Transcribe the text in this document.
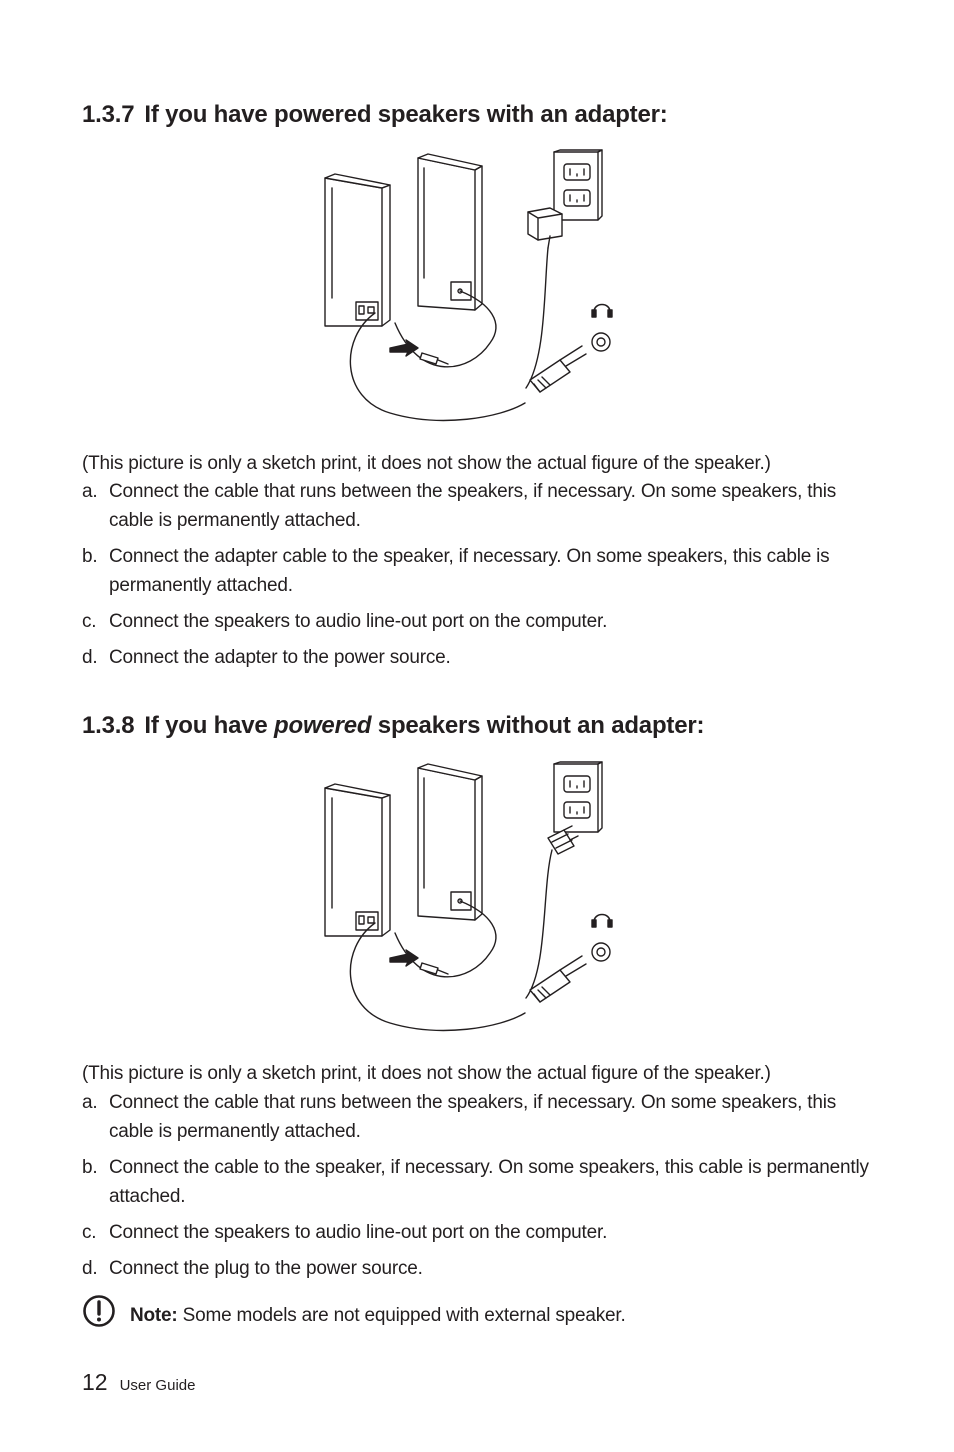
1.3.7 If you have powered speakers with an adapter:

(This picture is only a sketch print, it does not show the actual figure of the speaker.)

a. Connect the cable that runs between the speakers, if necessary. On some speakers, this cable is permanently attached.
b. Connect the adapter cable to the speaker, if necessary. On some speakers, this cable is permanently attached.
c. Connect the speakers to audio line-out port on the computer.
d. Connect the adapter to the power source.
1.3.8 If you have powered speakers without an adapter:

(This picture is only a sketch print, it does not show the actual figure of the speaker.)

a. Connect the cable that runs between the speakers, if necessary. On some speakers, this cable is permanently attached.
b. Connect the cable to the speaker, if necessary. On some speakers, this cable is permanently attached.
c. Connect the speakers to audio line-out port on the computer.
d. Connect the plug to the power source.
Note: Some models are not equipped with external speaker.
12 User Guide
